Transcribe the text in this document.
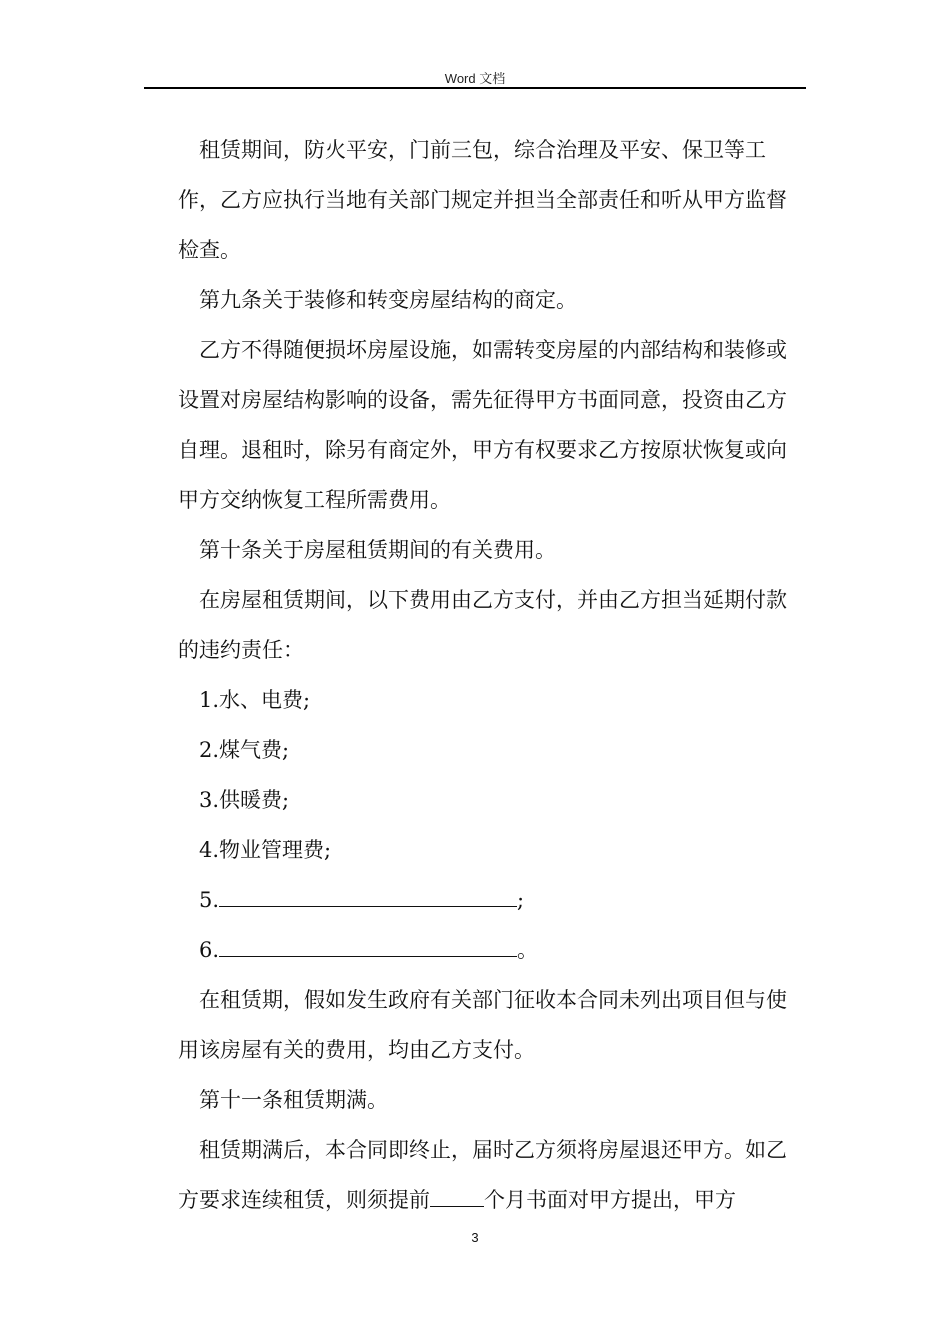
Word 文档

租赁期间，防火平安，门前三包，综合治理及平安、保卫等工作，乙方应执行当地有关部门规定并担当全部责任和听从甲方监督检查。

第九条关于装修和转变房屋结构的商定。

乙方不得随便损坏房屋设施，如需转变房屋的内部结构和装修或设置对房屋结构影响的设备，需先征得甲方书面同意，投资由乙方自理。退租时，除另有商定外，甲方有权要求乙方按原状恢复或向甲方交纳恢复工程所需费用。

第十条关于房屋租赁期间的有关费用。

在房屋租赁期间，以下费用由乙方支付，并由乙方担当延期付款的违约责任：

1.水、电费;

2.煤气费;

3.供暖费;

4.物业管理费;

5.	;

6.	。

在租赁期，假如发生政府有关部门征收本合同未列出项目但与使用该房屋有关的费用，均由乙方支付。

第十一条租赁期满。

租赁期满后，本合同即终止，届时乙方须将房屋退还甲方。如乙方要求连续租赁，则须提前	个月书面对甲方提出，甲方

3
